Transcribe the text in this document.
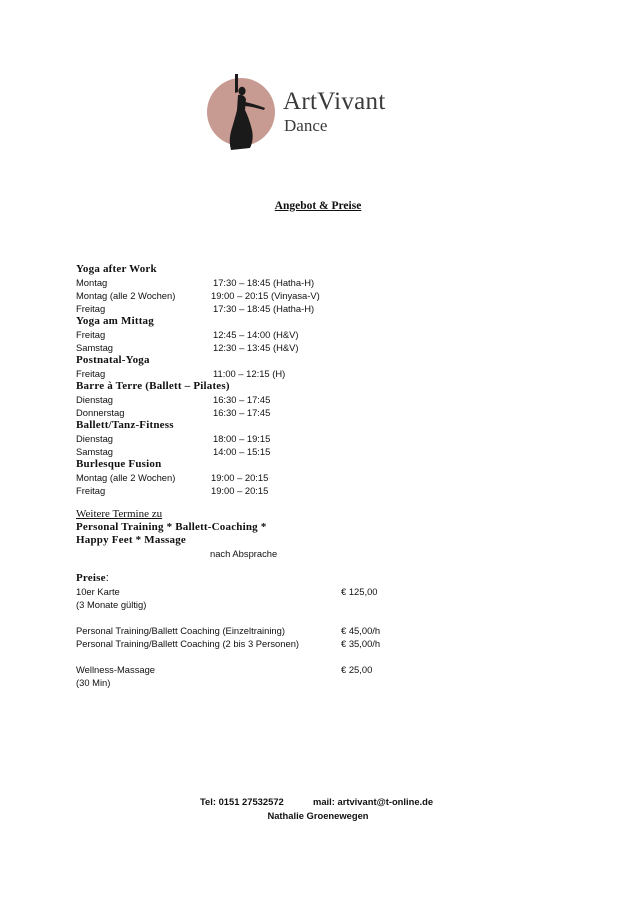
ArtVivant
Dance
Angebot & Preise
Yoga after Work
Montag	17:30 – 18:45 (Hatha-H)
Montag (alle 2 Wochen)	19:00 – 20:15 (Vinyasa-V)
Freitag	17:30 – 18:45 (Hatha-H)
Yoga am Mittag
Freitag	12:45 – 14:00 (H&V)
Samstag	12:30 – 13:45 (H&V)
Postnatal-Yoga
Freitag	11:00 – 12:15 (H)
Barre à Terre (Ballett – Pilates)
Dienstag	16:30 – 17:45
Donnerstag	16:30 – 17:45
Ballett/Tanz-Fitness
Dienstag	18:00 – 19:15
Samstag	14:00 – 15:15
Burlesque Fusion
Montag (alle 2 Wochen)	19:00 – 20:15
Freitag	19:00 – 20:15
Weitere Termine zu
Personal Training * Ballett-Coaching *
Happy Feet * Massage
nach Absprache
Preise:
10er Karte	€ 125,00
(3 Monate gültig)
Personal Training/Ballett Coaching (Einzeltraining)	€ 45,00/h
Personal Training/Ballett Coaching (2 bis 3 Personen)	€ 35,00/h
Wellness-Massage	€ 25,00
(30 Min)
Tel: 0151 27532572	mail: artvivant@t-online.de
Nathalie Groenewegen
